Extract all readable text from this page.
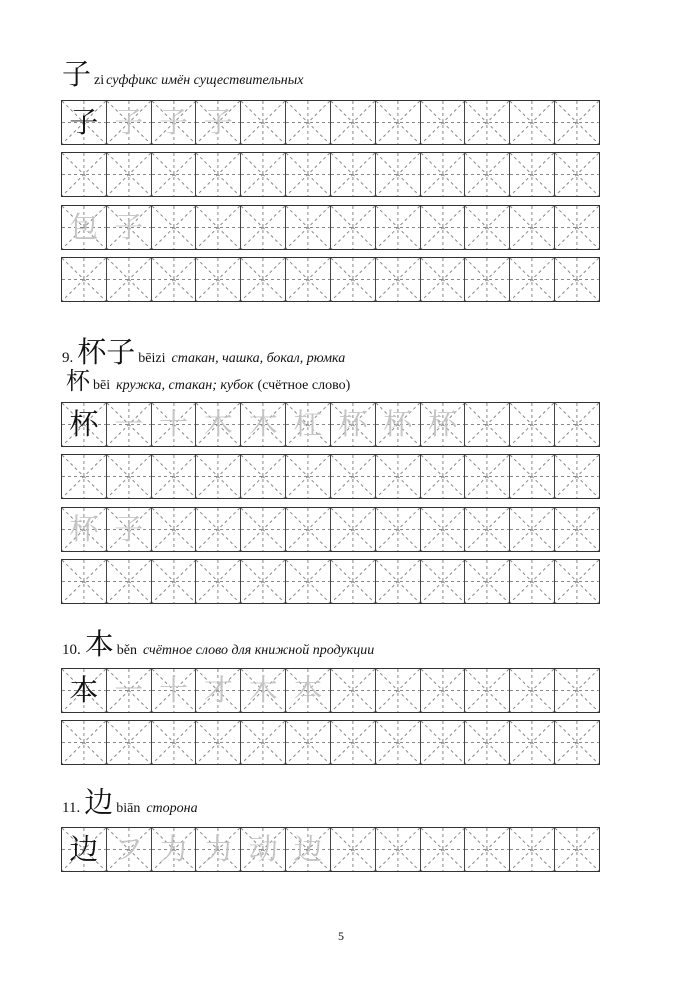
子zi суффикс имён существительных
子 子 子 子
包 子
9. 杯子 bēizi стакан, чашка, бокал, рюмка
杯bēi кружка, стакан; кубок (счётное слово)
杯 一 十 木 木 杠 杯 杯 杯
杯 子
10. 本 běn счётное слово для книжной продукции
本 一 十 才 木 本
11. 边 biān сторона
边 フ 力 力 动 边
5
